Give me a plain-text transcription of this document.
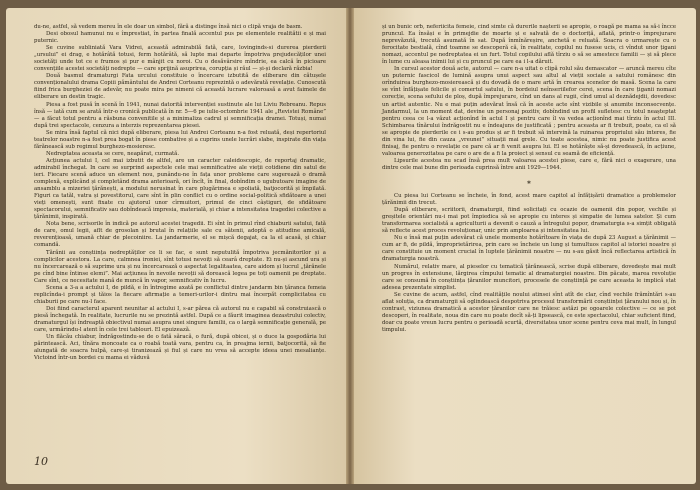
du-ne, astfel, să vedem mereu în ele doar un simbol, fără a distinge însă nici o clipă vraja de basm.

Desi obosul hamunui nu e împrestiat, în partea finală accentul pus pe elementele realitătii e și mai puternic.

Se cuvine subliniată Vara Vidrei, această admirabilă fată, care, lovinginds-si durerea pierderii „ursului” ei drag, e hotărâtă totusi, ferm hotărâtă, să lupte mai departe împotriva prejudecăților unei societăți unde tot ce e frumos și pur e mânjit cu noroi. Cu o desăvârsire mîndrie, ea calcă în picioare convențiile acestei societăți nedrepte — care sprijină asuprirea, corupția și răul — și-și declară răzbia!

Două basmul dramaturgi Fata urcului constituie o încercare izbutită de eliberare din cătușele convenționalului drama Copiii pământului de Andrei Corteanu reprezintă o adevărată revelație. Cunoscută fiind frica burgheziei de adevăr, nu poate mira pe nimeni că această lucrare valoroasă a avut faimele de eliberare un destin tragic.

Piesa a fost pusă în scenă în 1941, nunai datorită intervenției sustinute ale lui Liviu Rebreanu. Repus însă — iată cum se arată într-o cronică publicată în nr. 5—6 pe iulie-octombrie 1941 ale „Revistei Române” — a făcut totul pentru a răsbuna convenitile și a minimaliza cadrul și semnificația dramei. Totuși, numai după trei spectacole, cenzura a interzis reprezentarea piesei.

Se mira însă faptul că nici după eliberare, piesa lui Andrei Corteanu n-a fost reluată, deși repertoriul teatrelor noastre n-a fost prea bogat în piese combative și a cuprins unele lucrări slabe, inspirate din viața fărănească sub regimul burghezo-mosieresc.

Nedreptatea aceasta se cere, neapărat, curmată.

Acțiunea actului I, cel mai izbutit de altfel, are un caracter caleidoscopic, de reportaj dramatic, admirabil închegat. In care se surprind aspectele cele mai semnificative ale vieții cotidiene din satul de ieri. Fiecare scenă aduce un element nou, punându-ne în fața unor probleme care sugerează o dramă complexă, explicând și completând drama anterioară, ori încît, în final, dobîndim o ugubutoare imagine de ansamblu a mizeriei țărănești, a modului nerusinat în care plugărimea e spoliată, batjocorită și împilată. Figuri ca tatăl, vatra și povestitorul, care sînt în plin conflict cu o ordine social-politică sfidătoare a unei vieți omenești, sunt fixate cu ajutorul unor cîrmuitori, primul de cinci câștiguri, de sfidătoare spectacorului, semnificativ sau dobîndeacă impresia, materială, și chiar a intensitatea tragediei colective a țărănimii, inspirată.

Nota bene, scrisorile în indică pe autorul acestei tragedii. Ei sînt în primul rînd chiaburii satului, fată de care, omul legii, aflt de grosolan și brutal în relațiile sale cu sătenii, adoptă o atitudine amicală, reverențioasă, umană chiar de plecoiniire. La jandarmerie, el se mișcă degajat, ca la el acasă, și chiar comandă.

Tărănii au conștiința nedreptăților ce li se fac, e sunt neputulită împotriva jecmănitorilor și a complicilor acestora. La care, calmnea ironiei, sînt totusi nevoiți să cearâ dreptate. Ei nu-și ascund ura și nu încercarează o să suprime ura și nu încercarează o aspectat legalitaatea, care aidom și lucrul „țărănele pe cînd bine întinse elemi”. Mai acțiunea în nevoile nevoții să dorească legea pe toți oamenii pe dreptate. Care sînt, ce necesitate mană de muncă în vapor, semnificativ în lucru.

Scena a 3-a a actului I, de pildă, e în întregime axată pe conflictul dintre jandarm bin țăranca femeia replicînda-i prompt și tăios la fiecare afirmație a temeri-urilor-i dintru mai încerpăt complicitatea cu chiaburii pe care nu-l face.

Doi fiind caracterul aparent neunitar al actului I, s-ar părea că autorul nu e capabil să construiască o piesă închegată. In realitate, lucrurile nu se prezintă astfel. După ce a făurit imaginea dezastrului colectiv, dramaturgul își îndreaptă obiectivul numai asupra unei singure familii, ca o largă semnificație generală, pe care, urmărindu-l atent în cele trei tablouri. El epuizează.

Un flăcău chiabur, îndrăgostindu-se de o fată săracă, o fură, după obicei, și o duce la gospodăria lui părintească. Aci, tînăra moncoate ca o roabă toată vara, pentru ca, în preajma iernii, batjocorită, să fie alungată de soacra hulpă, care-și tiranizează și fiul și care nu vrea să accepte ideea unei mesalianțe. Victoind într-un bordei cu mama ei văduvă

10

și un bunic orb, neferiicita femeie, cind simte că durerile nașterii se apropie, o roagă pe mama sa să-i încce pruncul. Ea însăși e în primejdie de moarte și e salvată de o doctoriță, aflată, printr-o împrejurare neprevăzută, trecută asumată în sat. După înmînăreșire, anchetă e reluată. Soacra o urmarește cu o ferocitate bestială, cînd toamne se descoperă că, în realitate, copilul nu fusese ucis, ci vîndut unor țigani nomazi, accentul pe nedreptatea ei un furt. Totul copilului află tîrziu o să se amestece familii — și să plece în lume cu aleasa inimii lui și cu pruncul pe care ea i l-a dăruit.

In cursul acestor două acte, autorul — care n-a uitat o clipă rolul său demascator — aruncă mereu cîte un puternic fascicol de lumină asupra unui aspect sau altul al vieții sociale a satului românesc din orînduirea burghezo-mosierească și du dovadă de o mare artă în crearea scenelor de masă. Scena la care se vînt înfățișate felicile și comertul satului, în bordeiul neînseriilefor cerei, scena în care țiganii nomazi corecție, scena sefului de ploș, după împrejurare, cînd un dans al rugii, cînd umul al deznădejdii, dovedesc un artist autentic. Nu e mai puțin adevărat însă că în aceste acte sînt vizibile și anumite inconsecvențe. Jandarmul, la un moment dat, devine un personaj pozitiv, dobîndind un profil sufletesc cu totul neașteptat pentru ceea ce l-a văzut acționînd în actul I și pentru care îl va vedea acționînd mai tîrziu în actul III. Schimbarea tînărului îndrăgostit nu e îndeajuns de justificată ; pentru aceasta ar fi trebuit, poate, ca el să se apropie de pierderile ce i s-au produs și ar fi trebuit să intervină la ruinarea propriului său interes, fie din vina lui, fie din cauza „vreunei” situații mai grele. Cu toate acestea, nimic nu poate justifica acest finisaj, fie pentru o revelație ce pare că ar fi venit asupra lui. El se hotărăște să-și dovedească, în acțiune, valoarea generozitatea pe care o are de a fi la proiect și sensul cu seamă de eficiență.

Lipsurile acestea nu scad însă prea mult valoarea acestei piese, care e, fără nici o exagerare, una dintre cele mai bune din perioada cuprinsă între anii 1929—1944.

*

Cu piesa lui Corteanu se încheie, în fond, acest mare capitol al înfățișării dramatice a problemelor țărănimii din trecut.

După eliberare, scriitorii, dramaturgii, fiind solicitați cu ocazie de oamenii din popor, vechile și greșitele orientări nu-i mai pot împiedica să se apropie cu interes și simpatie de lumea satelor. Și cum transformarea socialistă a agriculturii a devenit o cauză a întregului popor, dramaturgia s-a simțit obligată să reflecte acest proces revoluționar, unic prin amploarea și intensitatea lui.

Nu e însă mai puțin adevărat că unele momente hotărîtoare în viața de după 23 August a țărănimii — cum ar fi, de pildă, împroprietărirea, prin care se încheie un lung și tumultuos capitol al istoriei noastre și care constituie un moment crucial în luptele țărănimii noastre — nu s-au găsit încă reflectarea artistică în dramaturgia noastră.

Numărul, relativ mare, al pieselor cu tematică țărănească, scrise după eliberare, dovedește mai mult un progres în extensiune, lărgirea cîmpului tematic al dramaturgiei noastre. Din păcate, marea revoluție care se consumă în conștiința țăranilor muncitori, procesele de conștiință pe care aceasta le implică stat adesea prezentate simplist.

Se cuvine de acum, astfel, cînd realitățile noului atinsei sînt atît de clar, cînd vechile frămîntări s-au aflat soluția, ca dramaturgii să oglindească despotriva procesul transformării conștiinței țăranului nou și, în contrast, viziunea dramatică a acestor țăranilor care ne trăiesc astăzi pe ogoarele colective — ce se pot descoperi, în realitate, noua din care nu poate decît să-ți lipsească, ce este spectacolul, chiar suficient fiind, doar cu poate vreun lucru pentru o perioadă scurtă, diversitatea unor scene pentru ceva mai mult, în lungul timpului.
